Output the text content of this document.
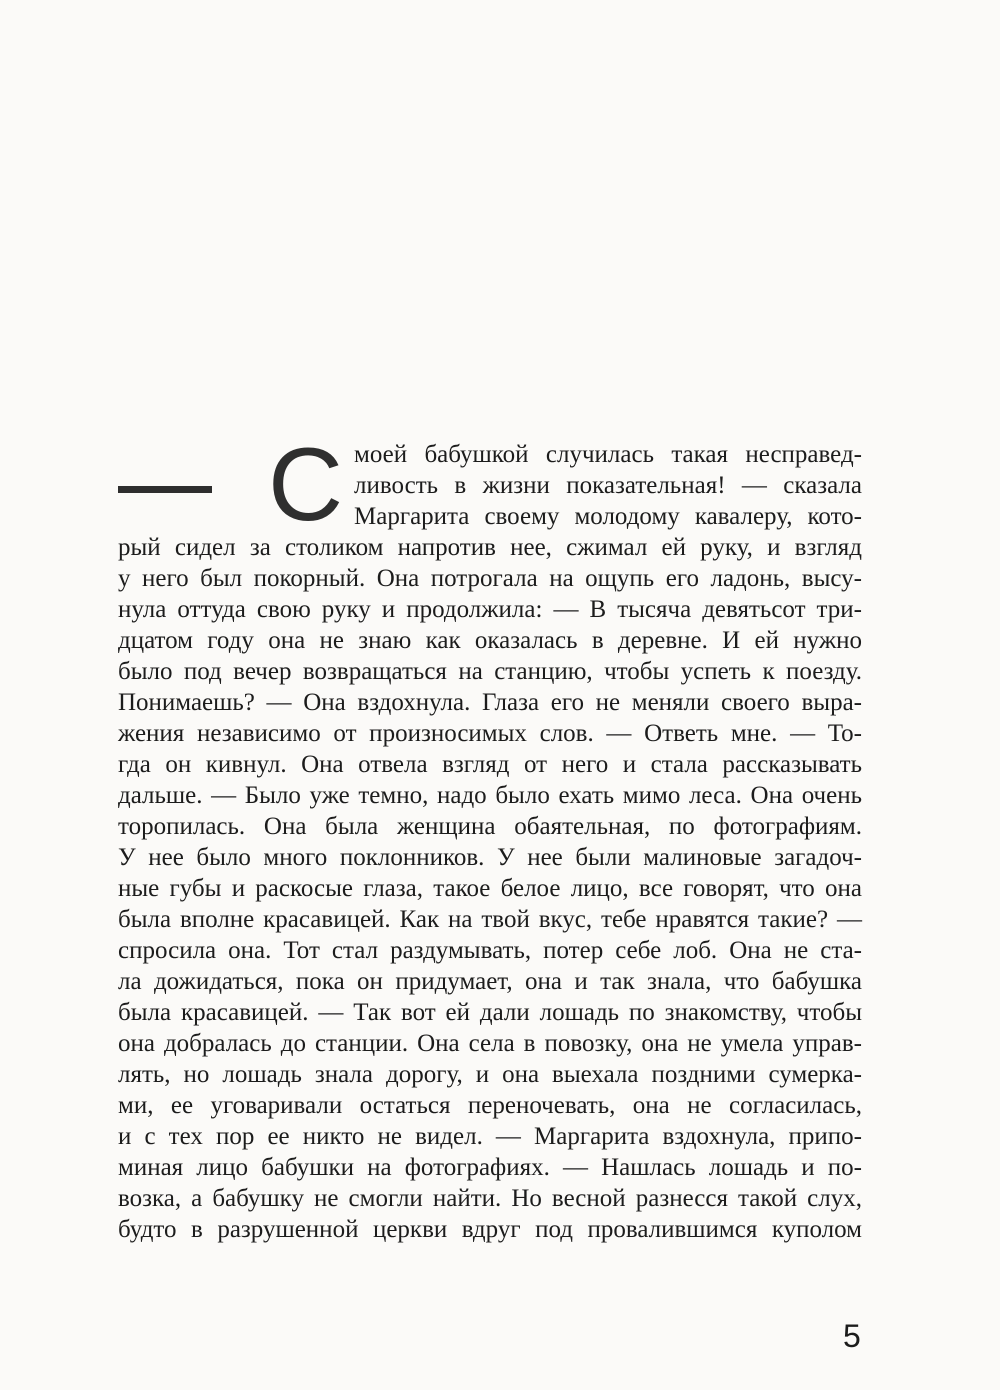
С моей бабушкой случилась такая несправед-
ливость в жизни показательная! — сказала
Маргарита своему молодому кавалеру, кото-
рый сидел за столиком напротив нее, сжимал ей руку, и взгляд
у него был покорный. Она потрогала на ощупь его ладонь, высу-
нула оттуда свою руку и продолжила: — В тысяча девятьсот три-
дцатом году она не знаю как оказалась в деревне. И ей нужно
было под вечер возвращаться на станцию, чтобы успеть к поезду.
Понимаешь? — Она вздохнула. Глаза его не меняли своего выра-
жения независимо от произносимых слов. — Ответь мне. — То-
гда он кивнул. Она отвела взгляд от него и стала рассказывать
дальше. — Было уже темно, надо было ехать мимо леса. Она очень
торопилась. Она была женщина обаятельная, по фотографиям.
У нее было много поклонников. У нее были малиновые загадоч-
ные губы и раскосые глаза, такое белое лицо, все говорят, что она
была вполне красавицей. Как на твой вкус, тебе нравятся такие? —
спросила она. Тот стал раздумывать, потер себе лоб. Она не ста-
ла дожидаться, пока он придумает, она и так знала, что бабушка
была красавицей. — Так вот ей дали лошадь по знакомству, чтобы
она добралась до станции. Она села в повозку, она не умела управ-
лять, но лошадь знала дорогу, и она выехала поздними сумерка-
ми, ее уговаривали остаться переночевать, она не согласилась,
и с тех пор ее никто не видел. — Маргарита вздохнула, припо-
миная лицо бабушки на фотографиях. — Нашлась лошадь и по-
возка, а бабушку не смогли найти. Но весной разнесся такой слух,
будто в разрушенной церкви вдруг под провалившимся куполом
5
